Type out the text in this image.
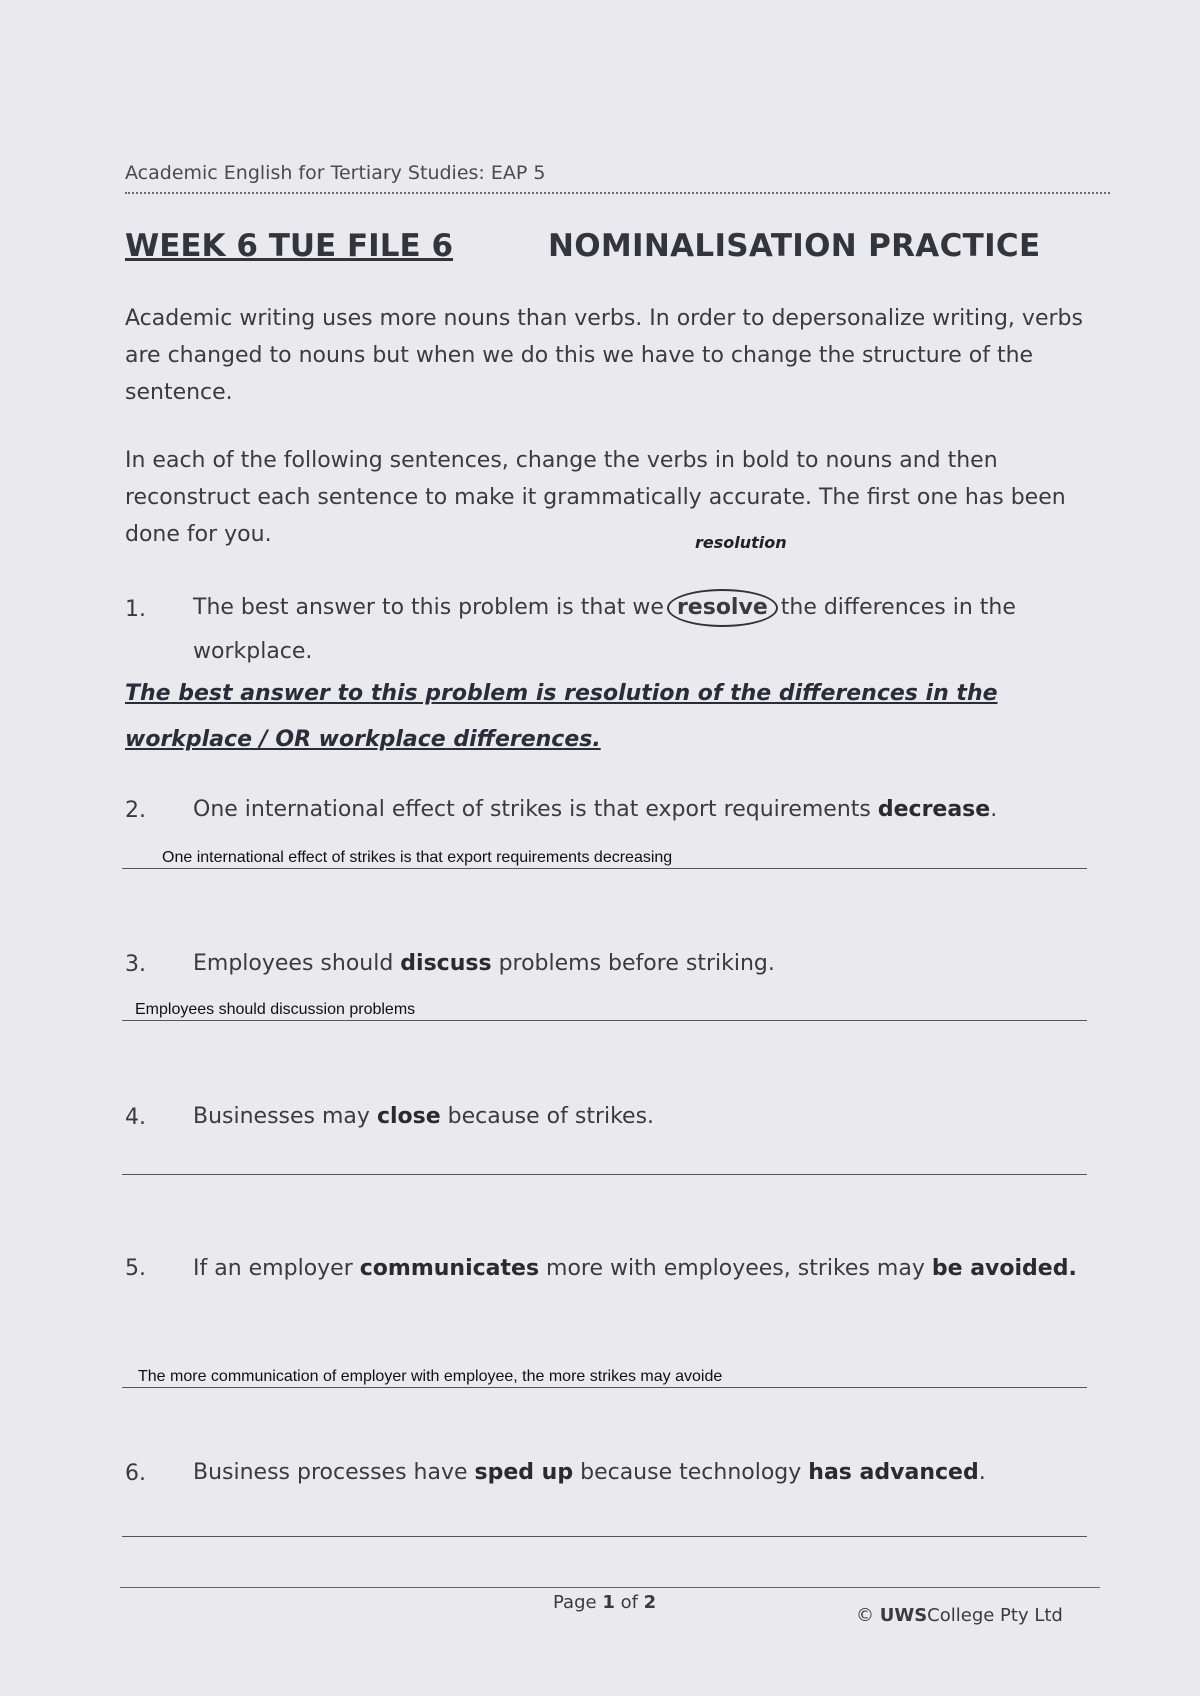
Academic English for Tertiary Studies: EAP 5
WEEK 6 TUE FILE 6	NOMINALISATION PRACTICE

Academic writing uses more nouns than verbs. In order to depersonalize writing, verbs are changed to nouns but when we do this we have to change the structure of the sentence.

In each of the following sentences, change the verbs in bold to nouns and then reconstruct each sentence to make it grammatically accurate. The first one has been done for you.	resolution
1. The best answer to this problem is that we resolve the differences in the workplace.
The best answer to this problem is resolution of the differences in the workplace / OR workplace differences.
2. One international effect of strikes is that export requirements decrease.
One international effect of strikes is that export requirements decreasing
3. Employees should discuss problems before striking.
Employees should discussion problems
4. Businesses may close because of strikes.
5. If an employer communicates more with employees, strikes may be avoided.
The more communication of employer with employee, the more strikes may avoide
6. Business processes have sped up because technology has advanced.
Page 1 of 2
© UWSCollege Pty Ltd
